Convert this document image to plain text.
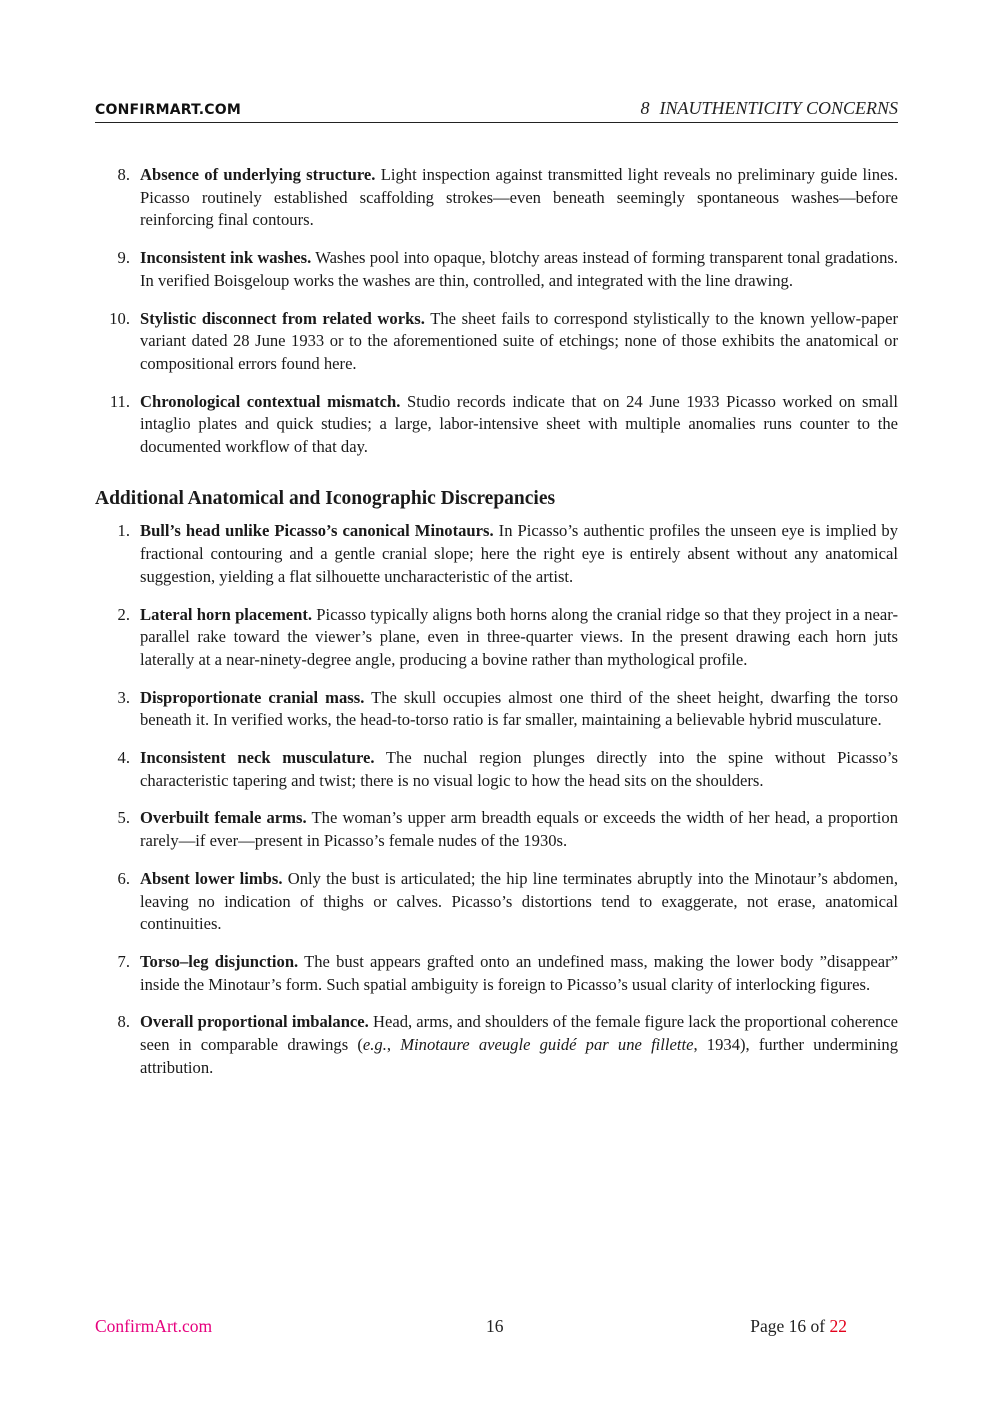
CONFIRMART.COM	8 INAUTHENTICITY CONCERNS
8. Absence of underlying structure. Light inspection against transmitted light reveals no preliminary guide lines. Picasso routinely established scaffolding strokes—even beneath seemingly spontaneous washes—before reinforcing final contours.
9. Inconsistent ink washes. Washes pool into opaque, blotchy areas instead of forming transparent tonal gradations. In verified Boisgeloup works the washes are thin, controlled, and integrated with the line drawing.
10. Stylistic disconnect from related works. The sheet fails to correspond stylistically to the known yellow-paper variant dated 28 June 1933 or to the aforementioned suite of etchings; none of those exhibits the anatomical or compositional errors found here.
11. Chronological contextual mismatch. Studio records indicate that on 24 June 1933 Picasso worked on small intaglio plates and quick studies; a large, labor-intensive sheet with multiple anomalies runs counter to the documented workflow of that day.
Additional Anatomical and Iconographic Discrepancies
1. Bull’s head unlike Picasso’s canonical Minotaurs. In Picasso’s authentic profiles the unseen eye is implied by fractional contouring and a gentle cranial slope; here the right eye is entirely absent without any anatomical suggestion, yielding a flat silhouette uncharacteristic of the artist.
2. Lateral horn placement. Picasso typically aligns both horns along the cranial ridge so that they project in a near-parallel rake toward the viewer’s plane, even in three-quarter views. In the present drawing each horn juts laterally at a near-ninety-degree angle, producing a bovine rather than mythological profile.
3. Disproportionate cranial mass. The skull occupies almost one third of the sheet height, dwarfing the torso beneath it. In verified works, the head-to-torso ratio is far smaller, maintaining a believable hybrid musculature.
4. Inconsistent neck musculature. The nuchal region plunges directly into the spine without Picasso’s characteristic tapering and twist; there is no visual logic to how the head sits on the shoulders.
5. Overbuilt female arms. The woman’s upper arm breadth equals or exceeds the width of her head, a proportion rarely—if ever—present in Picasso’s female nudes of the 1930s.
6. Absent lower limbs. Only the bust is articulated; the hip line terminates abruptly into the Minotaur’s abdomen, leaving no indication of thighs or calves. Picasso’s distortions tend to exaggerate, not erase, anatomical continuities.
7. Torso–leg disjunction. The bust appears grafted onto an undefined mass, making the lower body ”disappear” inside the Minotaur’s form. Such spatial ambiguity is foreign to Picasso’s usual clarity of interlocking figures.
8. Overall proportional imbalance. Head, arms, and shoulders of the female figure lack the proportional coherence seen in comparable drawings (e.g., Minotaure aveugle guidé par une fillette, 1934), further undermining attribution.
ConfirmArt.com	16	Page 16 of 22
